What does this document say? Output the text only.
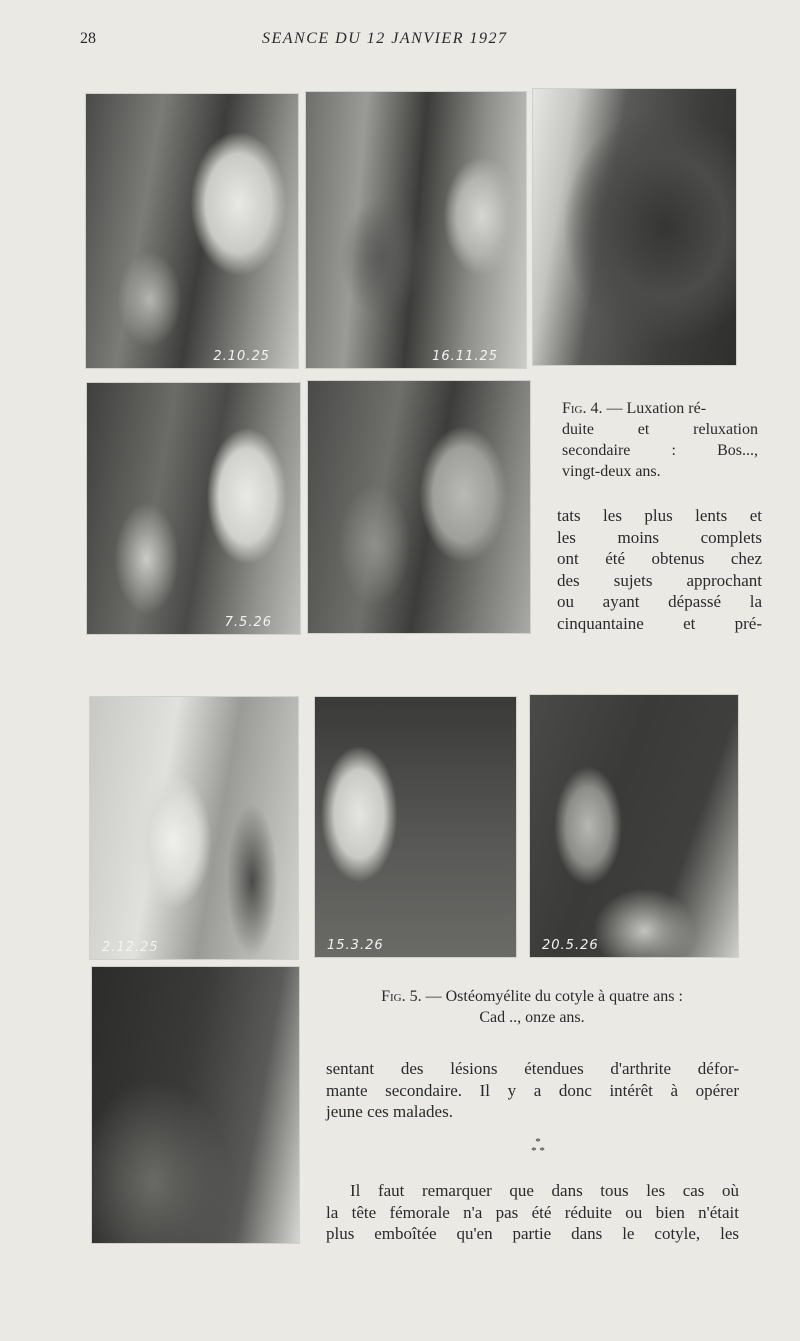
28	SEANCE DU 12 JANVIER 1927
2.10.25	16.11.25
7.5.26
Fig. 4. — Luxation ré-
duite et reluxation
secondaire : Bos...,
vingt-deux ans.
tats les plus lents et
les moins complets
ont été obtenus chez
des sujets approchant
ou ayant dépassé la
cinquantaine et pré-
2.12.25	15.3.26	20.5.26
Fig. 5. — Ostéomyélite du cotyle à quatre ans :
Cad .., onze ans.
sentant des lésions étendues d'arthrite défor-
mante secondaire. Il y a donc intérêt à opérer
jeune ces malades.
*
* *
Il faut remarquer que dans tous les cas où
la tête fémorale n'a pas été réduite ou bien n'était
plus emboîtée qu'en partie dans le cotyle, les
